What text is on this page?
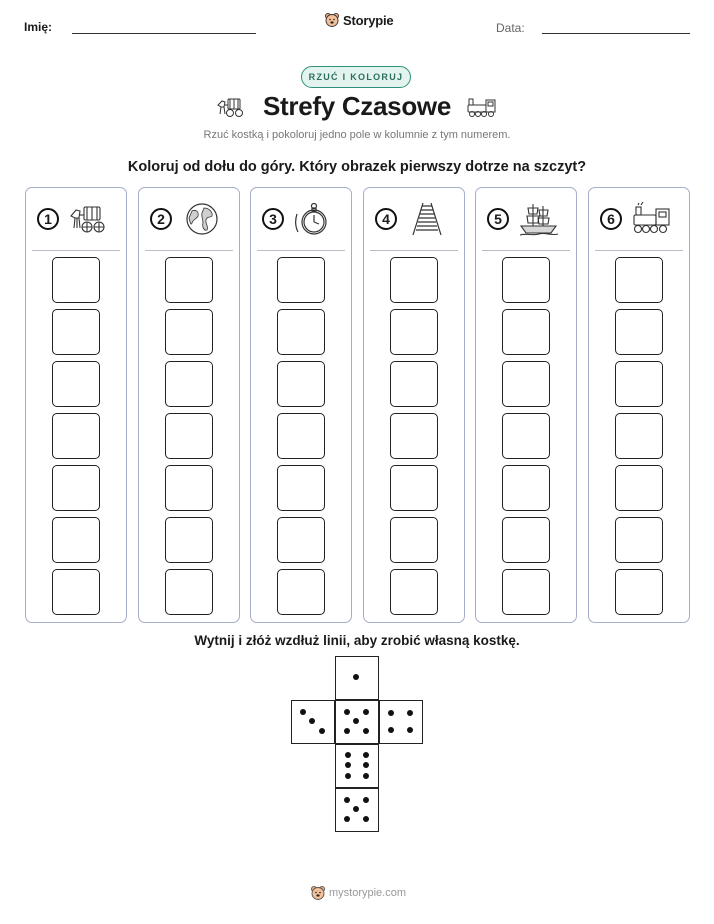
Imię:	Storypie
Data:
RZUĆ I KOLORUJ
Strefy Czasowe
Rzuć kostką i pokoloruj jedno pole w kolumnie z tym numerem.
Koloruj od dołu do góry. Który obrazek pierwszy dotrze na szczyt?
1	2	3	4	5	6
Wytnij i złóż wzdłuż linii, aby zrobić własną kostkę.
mystorypie.com
